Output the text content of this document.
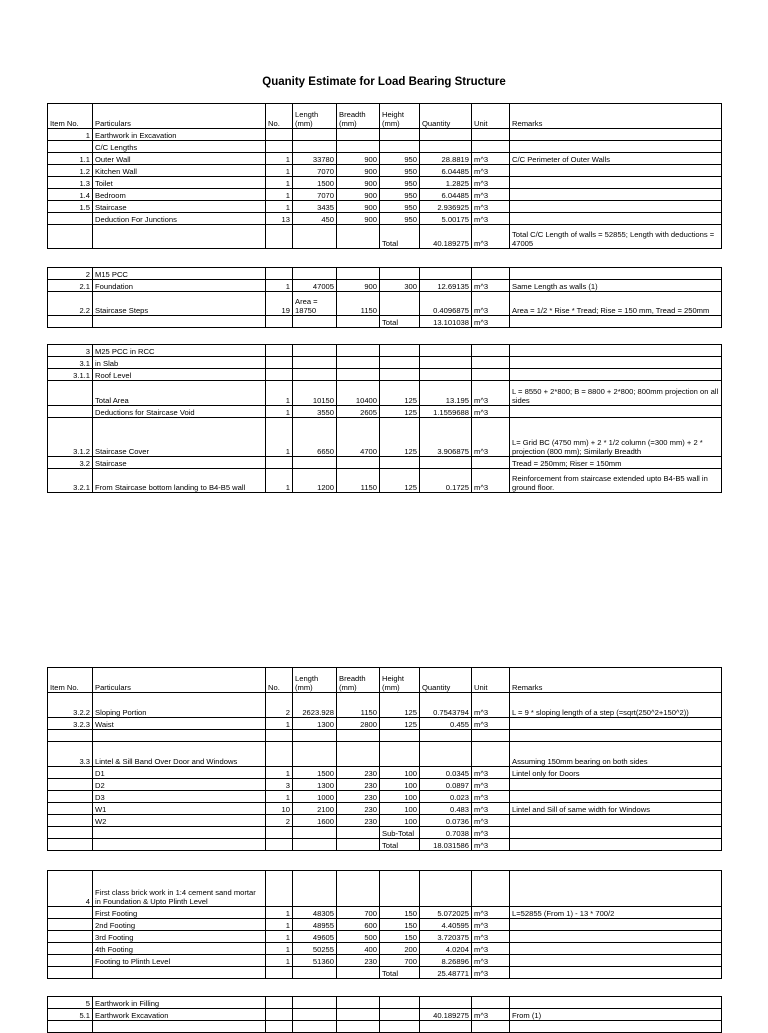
Quanity Estimate for Load Bearing Structure
Item No.	Particulars	No.	Length (mm)	Breadth (mm)	Height (mm)	Quantity	Unit	Remarks
1	Earthwork in Excavation							
	C/C Lengths							
1.1	Outer Wall	1	33780	900	950	28.8819	m^3	C/C Perimeter of Outer Walls
1.2	Kitchen Wall	1	7070	900	950	6.04485	m^3	
1.3	Toilet	1	1500	900	950	1.2825	m^3	
1.4	Bedroom	1	7070	900	950	6.04485	m^3	
1.5	Staircase	1	3435	900	950	2.936925	m^3	
	Deduction For Junctions	13	450	900	950	5.00175	m^3	
					Total	40.189275	m^3	Total C/C Length of walls = 52855; Length with deductions = 47005
2	M15 PCC							
2.1	Foundation	1	47005	900	300	12.69135	m^3	Same Length as walls (1)
2.2	Staircase Steps	19	Area = 18750	1150		0.4096875	m^3	Area = 1/2 * Rise * Tread; Rise = 150 mm, Tread = 250mm
					Total	13.101038	m^3	
3	M25 PCC in RCC							
3.1	in Slab							
3.1.1	Roof Level							
	Total Area	1	10150	10400	125	13.195	m^3	L = 8550 + 2*800; B = 8800 + 2*800; 800mm projection on all sides
	Deductions for Staircase Void	1	3550	2605	125	1.1559688	m^3	
3.1.2	Staircase Cover	1	6650	4700	125	3.906875	m^3	L= Grid BC (4750 mm) + 2 * 1/2 column (=300 mm) + 2 * projection (800 mm); Similarly Breadth
3.2	Staircase							Tread = 250mm; Riser = 150mm
3.2.1	From Staircase bottom landing to B4-B5 wall	1	1200	1150	125	0.1725	m^3	Reinforcement from staircase extended upto B4-B5 wall in ground floor.
Item No.	Particulars	No.	Length (mm)	Breadth (mm)	Height (mm)	Quantity	Unit	Remarks
3.2.2	Sloping Portion	2	2623.928	1150	125	0.7543794	m^3	L = 9 * sloping length of a step (=sqrt(250^2+150^2))
3.2.3	Waist	1	1300	2800	125	0.455	m^3	

3.3	Lintel & Sill Band Over Door and Windows							Assuming 150mm bearing on both sides
	D1	1	1500	230	100	0.0345	m^3	Lintel only for Doors
	D2	3	1300	230	100	0.0897	m^3	
	D3	1	1000	230	100	0.023	m^3	
	W1	10	2100	230	100	0.483	m^3	Lintel and Sill of same width for Windows
	W2	2	1600	230	100	0.0736	m^3	
					Sub-Total	0.7038	m^3	
					Total	18.031586	m^3	
4	First class brick work in 1:4 cement sand mortar in Foundation & Upto Plinth Level							
	First Footing	1	48305	700	150	5.072025	m^3	L=52855 (From 1) - 13 * 700/2
	2nd Footing	1	48955	600	150	4.40595	m^3	
	3rd Footing	1	49605	500	150	3.720375	m^3	
	4th Footing	1	50255	400	200	4.0204	m^3	
	Footing to Plinth Level	1	51360	230	700	8.26896	m^3	
					Total	25.48771	m^3	
5	Earthwork in Filling							
5.1	Earthwork Excavation					40.189275	m^3	From (1)
